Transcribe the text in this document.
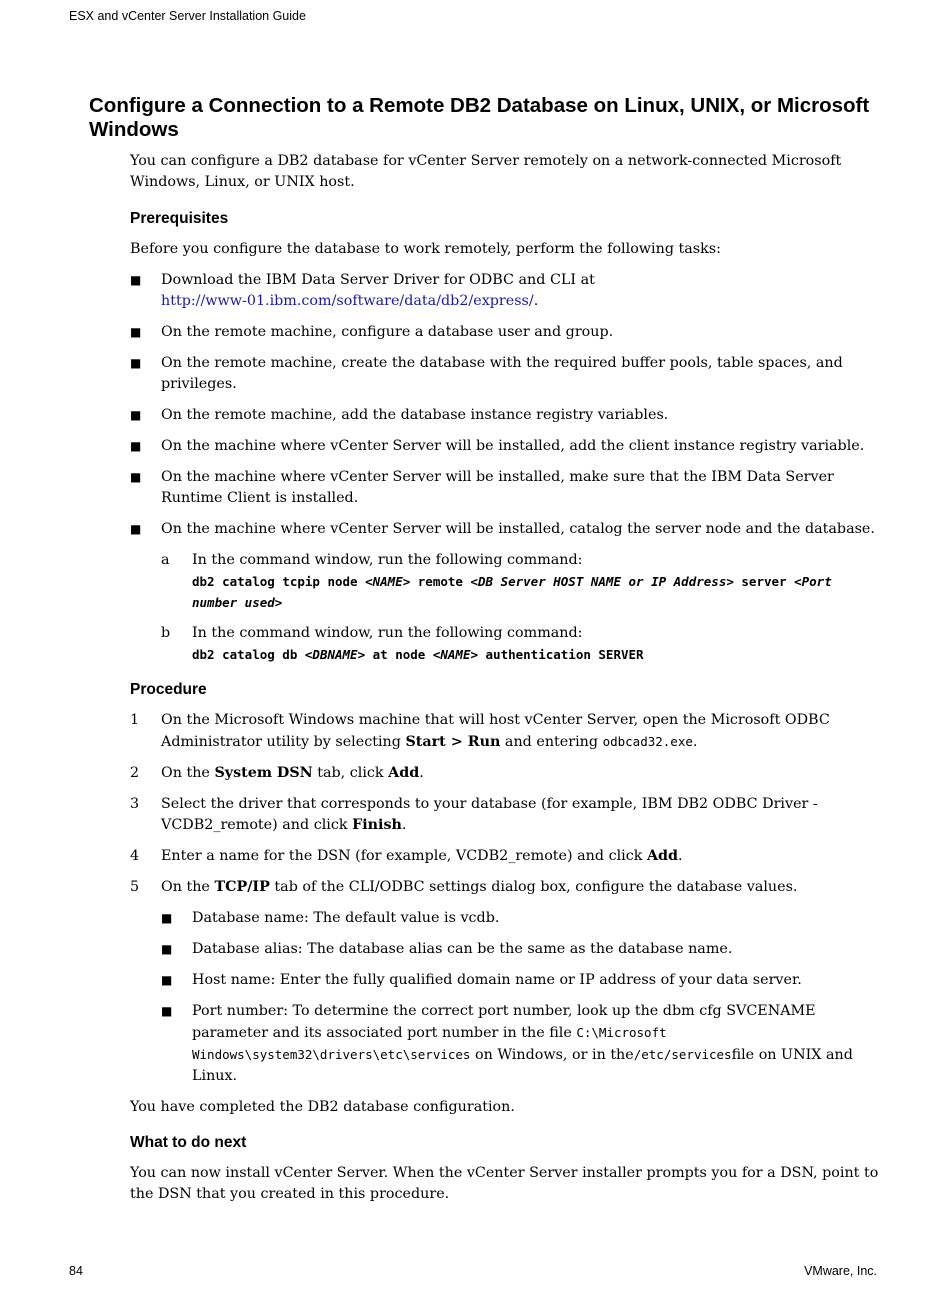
ESX and vCenter Server Installation Guide
Configure a Connection to a Remote DB2 Database on Linux, UNIX, or Microsoft Windows

You can configure a DB2 database for vCenter Server remotely on a network-connected Microsoft Windows, Linux, or UNIX host.

Prerequisites

Before you configure the database to work remotely, perform the following tasks:

■ Download the IBM Data Server Driver for ODBC and CLI at
http://www-01.ibm.com/software/data/db2/express/.
■ On the remote machine, configure a database user and group.
■ On the remote machine, create the database with the required buffer pools, table spaces, and privileges.
■ On the remote machine, add the database instance registry variables.
■ On the machine where vCenter Server will be installed, add the client instance registry variable.
■ On the machine where vCenter Server will be installed, make sure that the IBM Data Server Runtime Client is installed.
■ On the machine where vCenter Server will be installed, catalog the server node and the database.
a In the command window, run the following command:
db2 catalog tcpip node <NAME> remote <DB Server HOST NAME or IP Address> server <Port number used>
b In the command window, run the following command:
db2 catalog db <DBNAME> at node <NAME> authentication SERVER
Procedure
1 On the Microsoft Windows machine that will host vCenter Server, open the Microsoft ODBC Administrator utility by selecting Start > Run and entering odbcad32.exe.
2 On the System DSN tab, click Add.
3 Select the driver that corresponds to your database (for example, IBM DB2 ODBC Driver - VCDB2_remote) and click Finish.
4 Enter a name for the DSN (for example, VCDB2_remote) and click Add.
5 On the TCP/IP tab of the CLI/ODBC settings dialog box, configure the database values.
■ Database name: The default value is vcdb.
■ Database alias: The database alias can be the same as the database name.
■ Host name: Enter the fully qualified domain name or IP address of your data server.
■ Port number: To determine the correct port number, look up the dbm cfg SVCENAME parameter and its associated port number in the file C:\Microsoft Windows\system32\drivers\etc\services on Windows, or in the/etc/servicesfile on UNIX and Linux.

You have completed the DB2 database configuration.

What to do next

You can now install vCenter Server. When the vCenter Server installer prompts you for a DSN, point to the DSN that you created in this procedure.

84	VMware, Inc.
